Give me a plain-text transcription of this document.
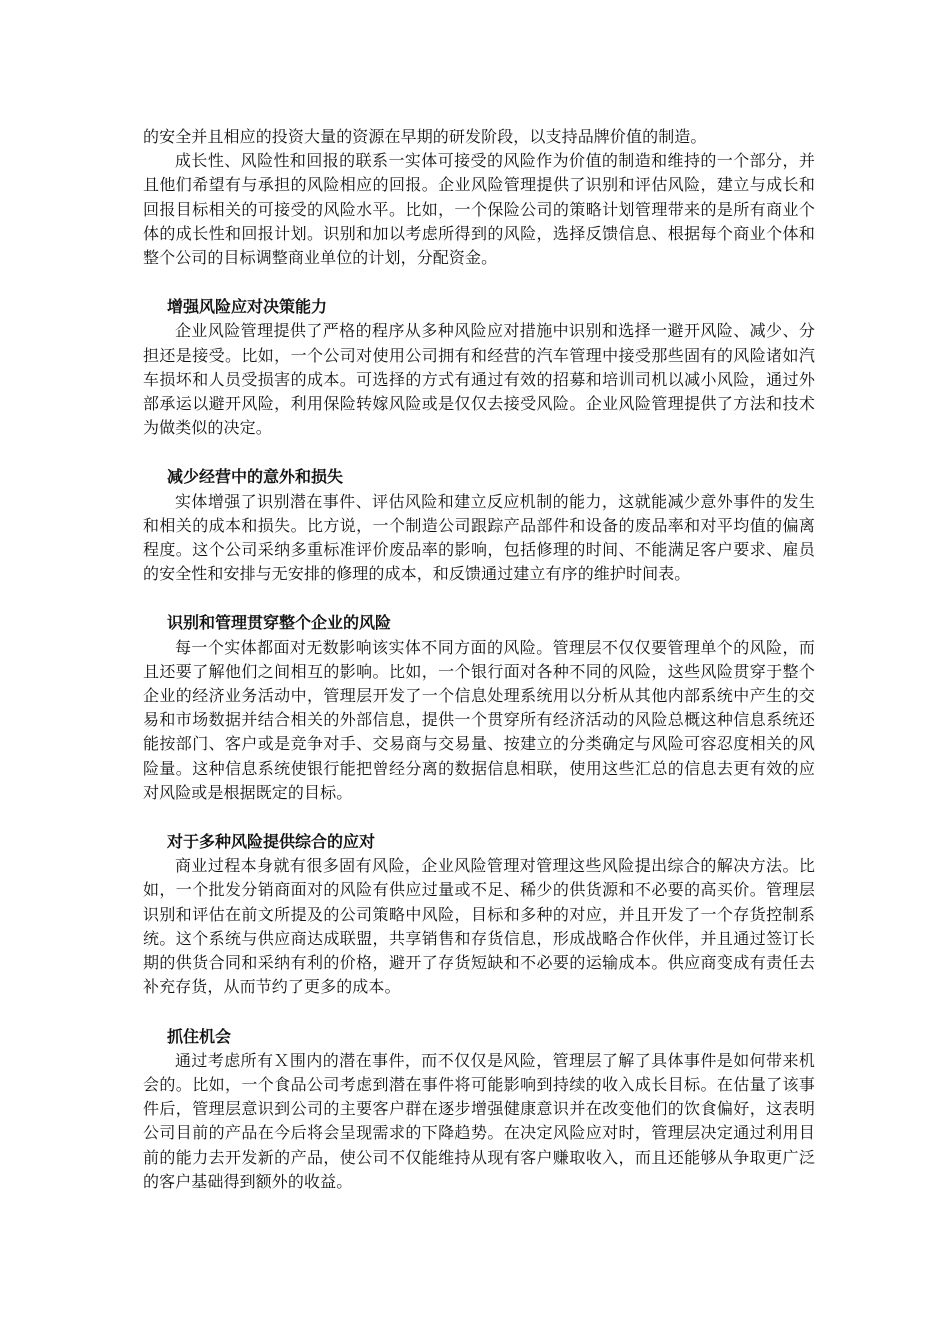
的安全并且相应的投资大量的资源在早期的研发阶段，以支持品牌价值的制造。

成长性、风险性和回报的联系一实体可接受的风险作为价值的制造和维持的一个部分，并且他们希望有与承担的风险相应的回报。企业风险管理提供了识别和评估风险，建立与成长和回报目标相关的可接受的风险水平。比如，一个保险公司的策略计划管理带来的是所有商业个体的成长性和回报计划。识别和加以考虑所得到的风险，选择反馈信息、根据每个商业个体和整个公司的目标调整商业单位的计划，分配资金。

增强风险应对决策能力

企业风险管理提供了严格的程序从多种风险应对措施中识别和选择一避开风险、减少、分担还是接受。比如，一个公司对使用公司拥有和经营的汽车管理中接受那些固有的风险诸如汽车损坏和人员受损害的成本。可选择的方式有通过有效的招募和培训司机以减小风险，通过外部承运以避开风险，利用保险转嫁风险或是仅仅去接受风险。企业风险管理提供了方法和技术为做类似的决定。

减少经营中的意外和损失

实体增强了识别潜在事件、评估风险和建立反应机制的能力，这就能减少意外事件的发生和相关的成本和损失。比方说，一个制造公司跟踪产品部件和设备的废品率和对平均值的偏离程度。这个公司采纳多重标准评价废品率的影响，包括修理的时间、不能满足客户要求、雇员的安全性和安排与无安排的修理的成本，和反馈通过建立有序的维护时间表。

识别和管理贯穿整个企业的风险

每一个实体都面对无数影响该实体不同方面的风险。管理层不仅仅要管理单个的风险，而且还要了解他们之间相互的影响。比如，一个银行面对各种不同的风险，这些风险贯穿于整个企业的经济业务活动中，管理层开发了一个信息处理系统用以分析从其他内部系统中产生的交易和市场数据并结合相关的外部信息，提供一个贯穿所有经济活动的风险总概这种信息系统还能按部门、客户或是竞争对手、交易商与交易量、按建立的分类确定与风险可容忍度相关的风险量。这种信息系统使银行能把曾经分离的数据信息相联，使用这些汇总的信息去更有效的应对风险或是根据既定的目标。

对于多种风险提供综合的应对

商业过程本身就有很多固有风险，企业风险管理对管理这些风险提出综合的解决方法。比如，一个批发分销商面对的风险有供应过量或不足、稀少的供货源和不必要的高买价。管理层识别和评估在前文所提及的公司策略中风险，目标和多种的对应，并且开发了一个存货控制系统。这个系统与供应商达成联盟，共享销售和存货信息，形成战略合作伙伴，并且通过签订长期的供货合同和采纳有利的价格，避开了存货短缺和不必要的运输成本。供应商变成有责任去补充存货，从而节约了更多的成本。

抓住机会

通过考虑所有Ｘ围内的潜在事件，而不仅仅是风险，管理层了解了具体事件是如何带来机会的。比如，一个食品公司考虑到潜在事件将可能影响到持续的收入成长目标。在估量了该事件后，管理层意识到公司的主要客户群在逐步增强健康意识并在改变他们的饮食偏好，这表明公司目前的产品在今后将会呈现需求的下降趋势。在决定风险应对时，管理层决定通过利用目前的能力去开发新的产品，使公司不仅能维持从现有客户赚取收入，而且还能够从争取更广泛的客户基础得到额外的收益。
